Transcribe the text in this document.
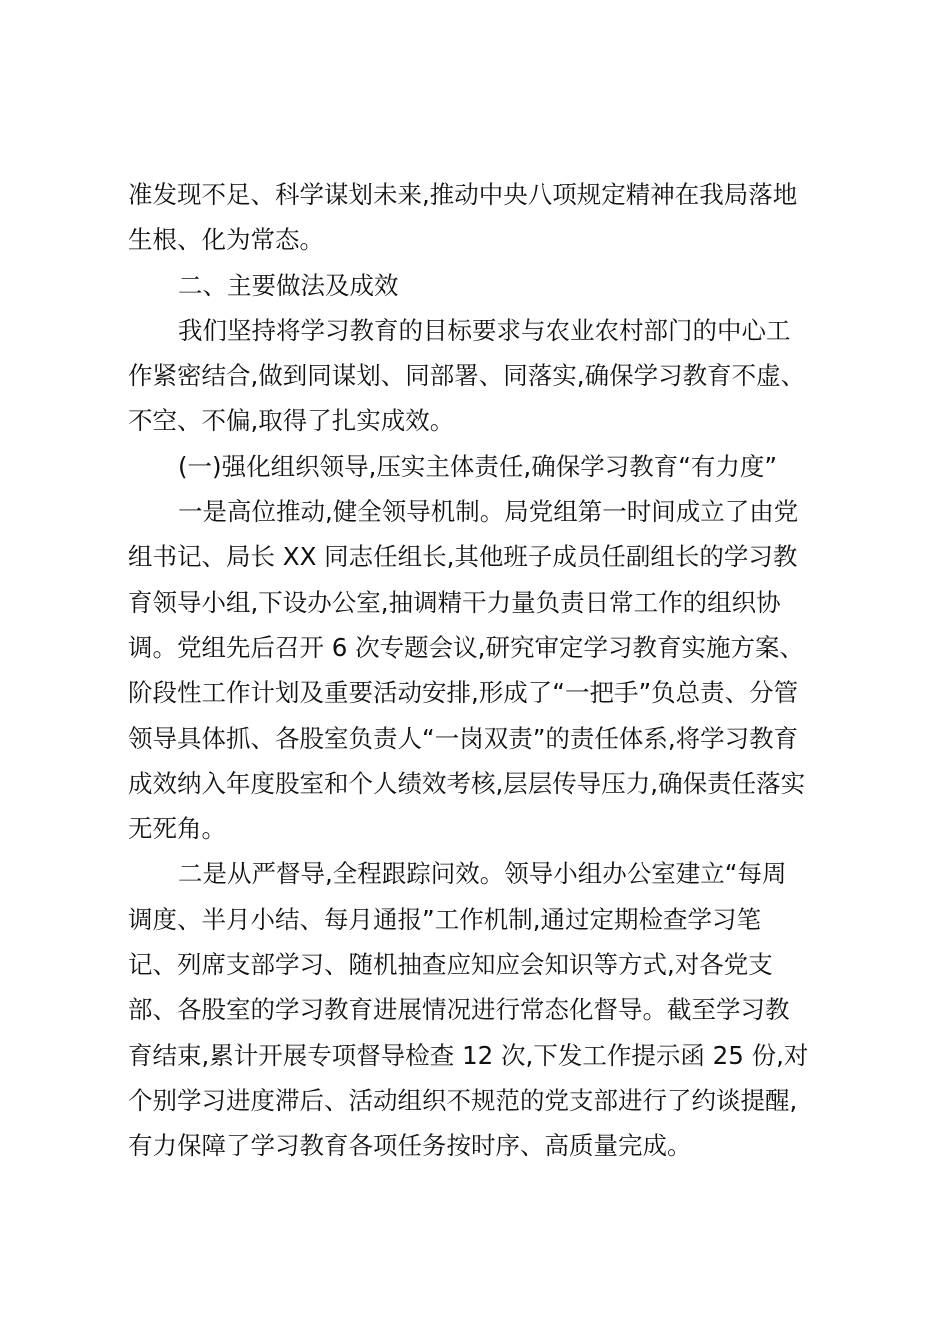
准发现不足、科学谋划未来,推动中央八项规定精神在我局落地
生根、化为常态。
二、主要做法及成效
我们坚持将学习教育的目标要求与农业农村部门的中心工
作紧密结合,做到同谋划、同部署、同落实,确保学习教育不虚、
不空、不偏,取得了扎实成效。
(一)强化组织领导,压实主体责任,确保学习教育“有力度”
一是高位推动,健全领导机制。局党组第一时间成立了由党
组书记、局长 XX 同志任组长,其他班子成员任副组长的学习教
育领导小组,下设办公室,抽调精干力量负责日常工作的组织协
调。党组先后召开 6 次专题会议,研究审定学习教育实施方案、
阶段性工作计划及重要活动安排,形成了“一把手”负总责、分管
领导具体抓、各股室负责人“一岗双责”的责任体系,将学习教育
成效纳入年度股室和个人绩效考核,层层传导压力,确保责任落实
无死角。
二是从严督导,全程跟踪问效。领导小组办公室建立“每周
调度、半月小结、每月通报”工作机制,通过定期检查学习笔
记、列席支部学习、随机抽查应知应会知识等方式,对各党支
部、各股室的学习教育进展情况进行常态化督导。截至学习教
育结束,累计开展专项督导检查 12 次,下发工作提示函 25 份,对
个别学习进度滞后、活动组织不规范的党支部进行了约谈提醒,
有力保障了学习教育各项任务按时序、高质量完成。
